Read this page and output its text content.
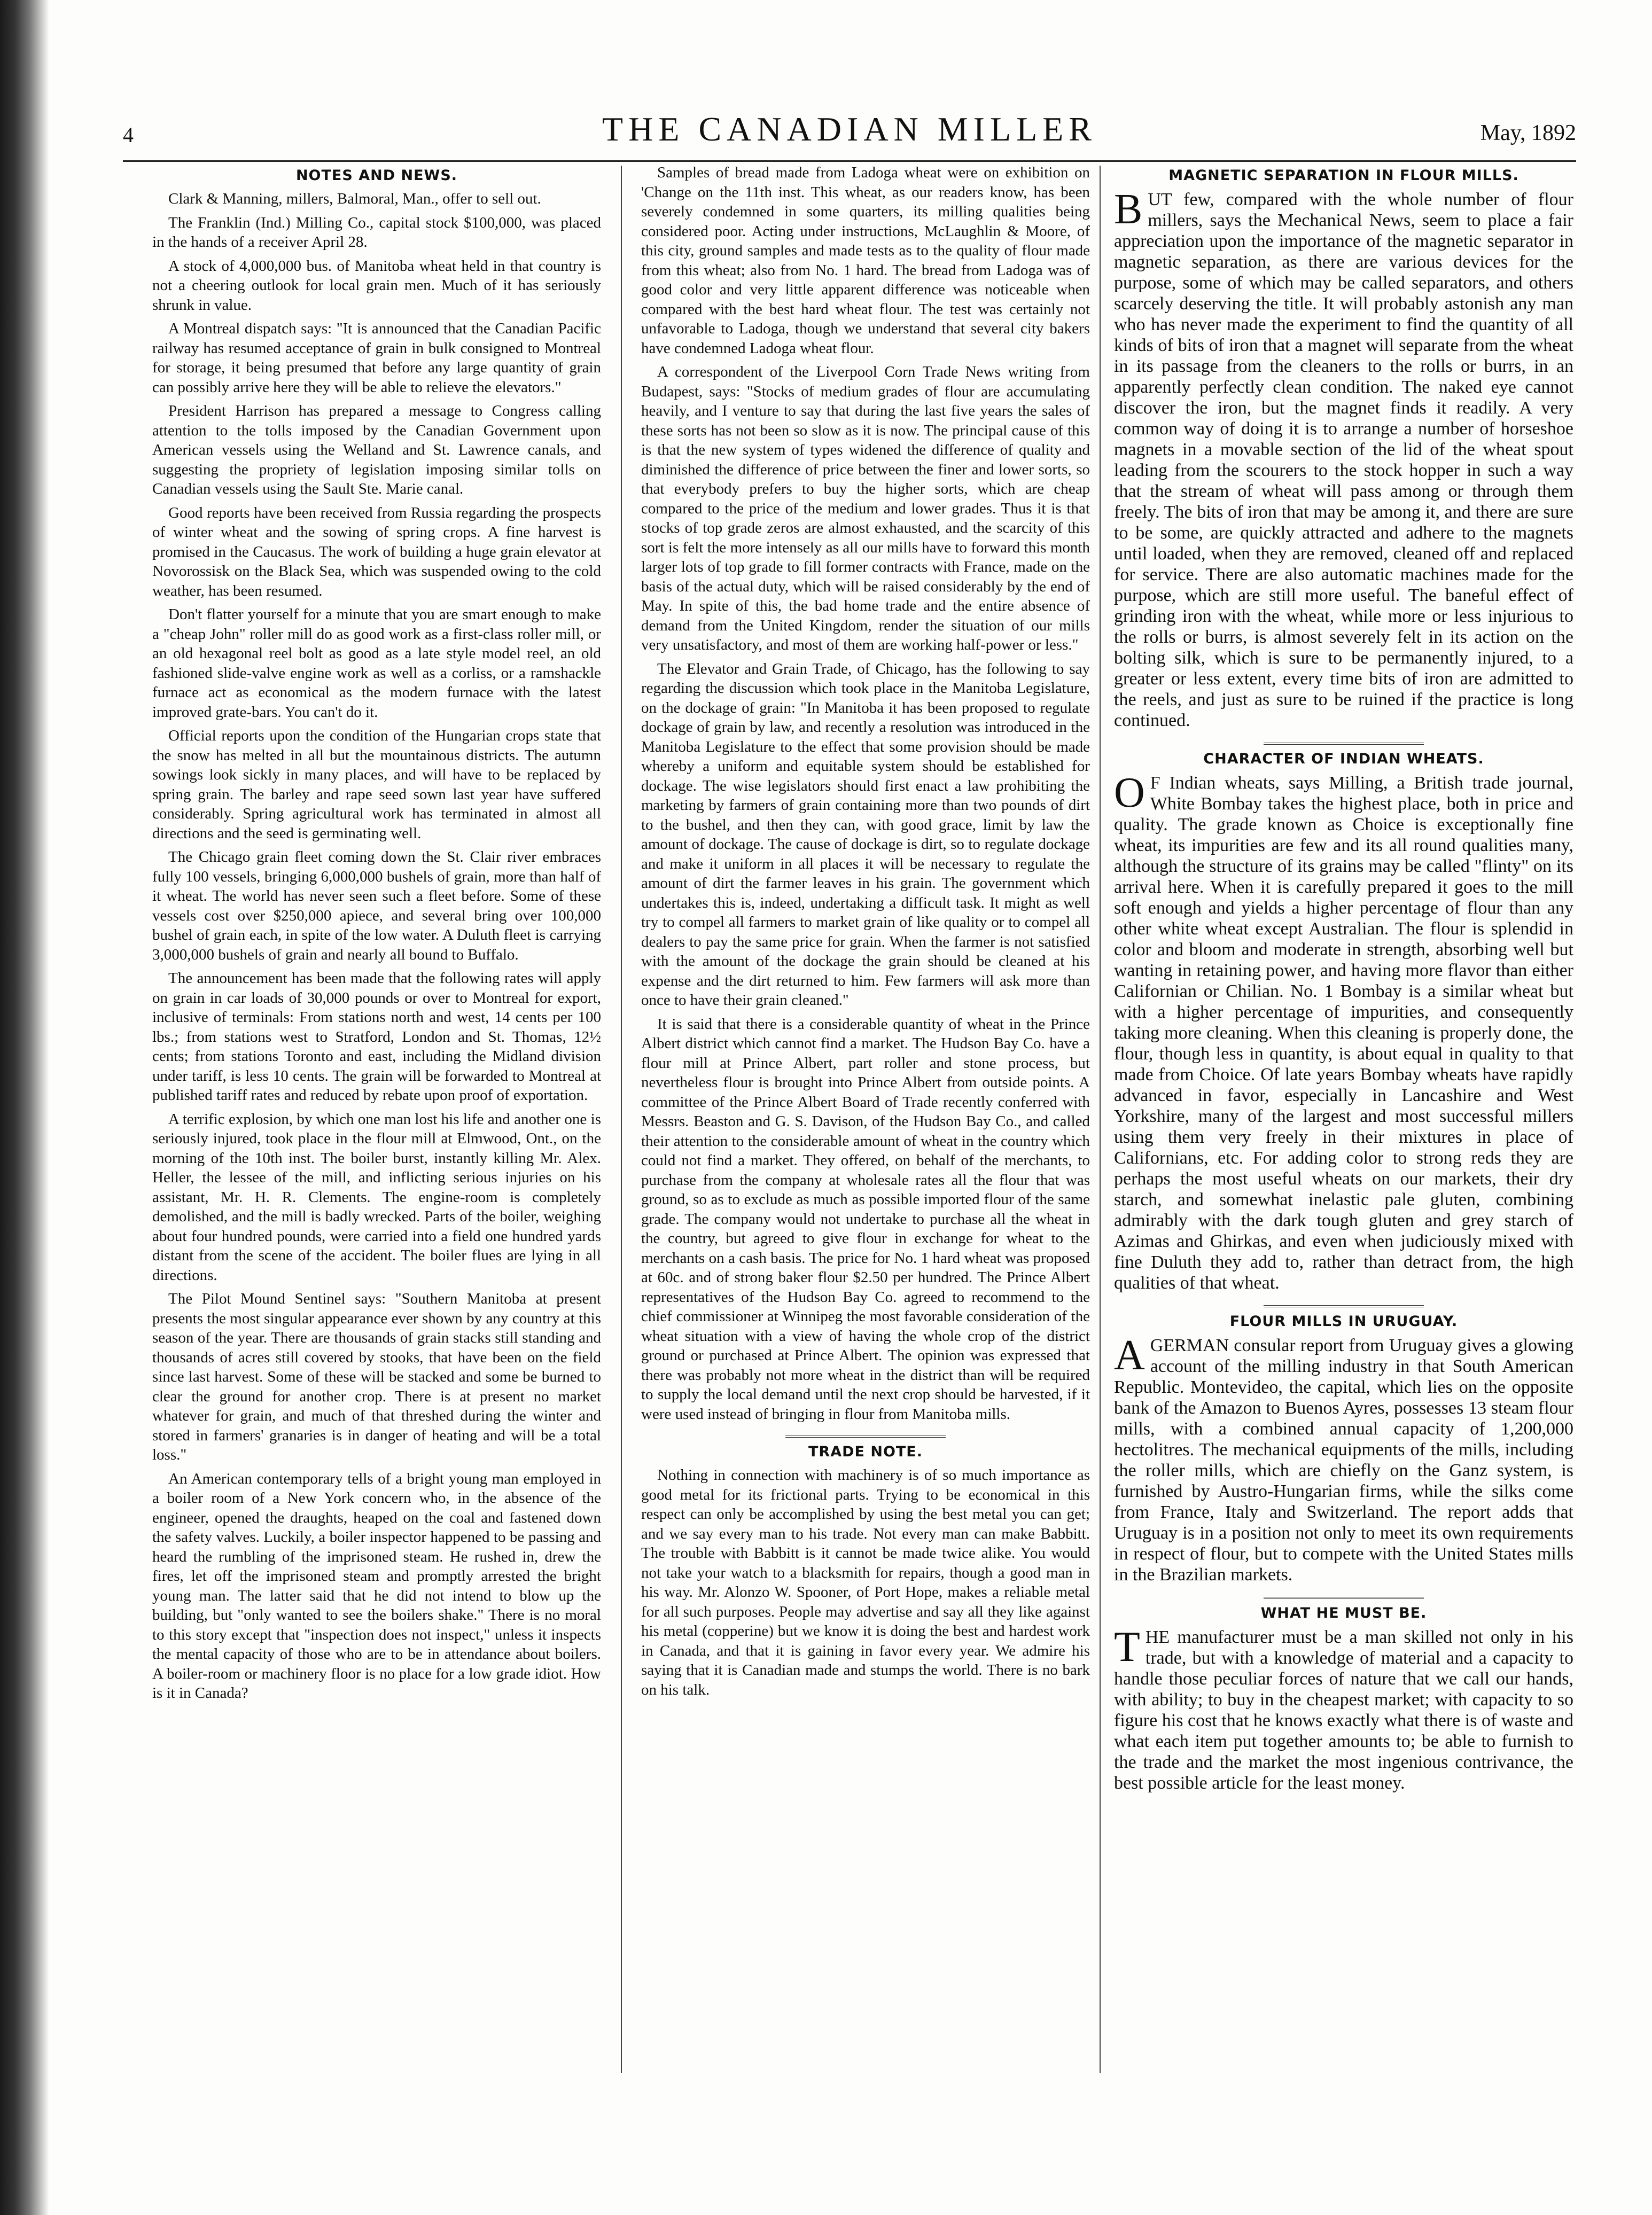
4	THE CANADIAN MILLER	May, 1892
NOTES AND NEWS.

Clark & Manning, millers, Balmoral, Man., offer to sell out.

The Franklin (Ind.) Milling Co., capital stock $100,000, was placed in the hands of a receiver April 28.

A stock of 4,000,000 bus. of Manitoba wheat held in that country is not a cheering outlook for local grain men. Much of it has seriously shrunk in value.

A Montreal dispatch says: "It is announced that the Canadian Pacific railway has resumed acceptance of grain in bulk consigned to Montreal for storage, it being presumed that before any large quantity of grain can possibly arrive here they will be able to relieve the elevators."

President Harrison has prepared a message to Congress calling attention to the tolls imposed by the Canadian Government upon American vessels using the Welland and St. Lawrence canals, and suggesting the propriety of legislation imposing similar tolls on Canadian vessels using the Sault Ste. Marie canal.

Good reports have been received from Russia regarding the prospects of winter wheat and the sowing of spring crops. A fine harvest is promised in the Caucasus. The work of building a huge grain elevator at Novorossisk on the Black Sea, which was suspended owing to the cold weather, has been resumed.

Don't flatter yourself for a minute that you are smart enough to make a "cheap John" roller mill do as good work as a first-class roller mill, or an old hexagonal reel bolt as good as a late style model reel, an old fashioned slide-valve engine work as well as a corliss, or a ramshackle furnace act as economical as the modern furnace with the latest improved grate-bars. You can't do it.

Official reports upon the condition of the Hungarian crops state that the snow has melted in all but the mountainous districts. The autumn sowings look sickly in many places, and will have to be replaced by spring grain. The barley and rape seed sown last year have suffered considerably. Spring agricultural work has terminated in almost all directions and the seed is germinating well.

The Chicago grain fleet coming down the St. Clair river embraces fully 100 vessels, bringing 6,000,000 bushels of grain, more than half of it wheat. The world has never seen such a fleet before. Some of these vessels cost over $250,000 apiece, and several bring over 100,000 bushel of grain each, in spite of the low water. A Duluth fleet is carrying 3,000,000 bushels of grain and nearly all bound to Buffalo.

The announcement has been made that the following rates will apply on grain in car loads of 30,000 pounds or over to Montreal for export, inclusive of terminals: From stations north and west, 14 cents per 100 lbs.; from stations west to Stratford, London and St. Thomas, 12½ cents; from stations Toronto and east, including the Midland division under tariff, is less 10 cents. The grain will be forwarded to Montreal at published tariff rates and reduced by rebate upon proof of exportation.

A terrific explosion, by which one man lost his life and another one is seriously injured, took place in the flour mill at Elmwood, Ont., on the morning of the 10th inst. The boiler burst, instantly killing Mr. Alex. Heller, the lessee of the mill, and inflicting serious injuries on his assistant, Mr. H. R. Clements. The engine-room is completely demolished, and the mill is badly wrecked. Parts of the boiler, weighing about four hundred pounds, were carried into a field one hundred yards distant from the scene of the accident. The boiler flues are lying in all directions.

The Pilot Mound Sentinel says: "Southern Manitoba at present presents the most singular appearance ever shown by any country at this season of the year. There are thousands of grain stacks still standing and thousands of acres still covered by stooks, that have been on the field since last harvest. Some of these will be stacked and some be burned to clear the ground for another crop. There is at present no market whatever for grain, and much of that threshed during the winter and stored in farmers' granaries is in danger of heating and will be a total loss."

An American contemporary tells of a bright young man employed in a boiler room of a New York concern who, in the absence of the engineer, opened the draughts, heaped on the coal and fastened down the safety valves. Luckily, a boiler inspector happened to be passing and heard the rumbling of the imprisoned steam. He rushed in, drew the fires, let off the imprisoned steam and promptly arrested the bright young man. The latter said that he did not intend to blow up the building, but "only wanted to see the boilers shake." There is no moral to this story except that "inspection does not inspect," unless it inspects the mental capacity of those who are to be in attendance about boilers. A boiler-room or machinery floor is no place for a low grade idiot. How is it in Canada?

Samples of bread made from Ladoga wheat were on exhibition on 'Change on the 11th inst. This wheat, as our readers know, has been severely condemned in some quarters, its milling qualities being considered poor. Acting under instructions, McLaughlin & Moore, of this city, ground samples and made tests as to the quality of flour made from this wheat; also from No. 1 hard. The bread from Ladoga was of good color and very little apparent difference was noticeable when compared with the best hard wheat flour. The test was certainly not unfavorable to Ladoga, though we understand that several city bakers have condemned Ladoga wheat flour.

A correspondent of the Liverpool Corn Trade News writing from Budapest, says: "Stocks of medium grades of flour are accumulating heavily, and I venture to say that during the last five years the sales of these sorts has not been so slow as it is now. The principal cause of this is that the new system of types widened the difference of quality and diminished the difference of price between the finer and lower sorts, so that everybody prefers to buy the higher sorts, which are cheap compared to the price of the medium and lower grades. Thus it is that stocks of top grade zeros are almost exhausted, and the scarcity of this sort is felt the more intensely as all our mills have to forward this month larger lots of top grade to fill former contracts with France, made on the basis of the actual duty, which will be raised considerably by the end of May. In spite of this, the bad home trade and the entire absence of demand from the United Kingdom, render the situation of our mills very unsatisfactory, and most of them are working half-power or less."

The Elevator and Grain Trade, of Chicago, has the following to say regarding the discussion which took place in the Manitoba Legislature, on the dockage of grain: "In Manitoba it has been proposed to regulate dockage of grain by law, and recently a resolution was introduced in the Manitoba Legislature to the effect that some provision should be made whereby a uniform and equitable system should be established for dockage. The wise legislators should first enact a law prohibiting the marketing by farmers of grain containing more than two pounds of dirt to the bushel, and then they can, with good grace, limit by law the amount of dockage. The cause of dockage is dirt, so to regulate dockage and make it uniform in all places it will be necessary to regulate the amount of dirt the farmer leaves in his grain. The government which undertakes this is, indeed, undertaking a difficult task. It might as well try to compel all farmers to market grain of like quality or to compel all dealers to pay the same price for grain. When the farmer is not satisfied with the amount of the dockage the grain should be cleaned at his expense and the dirt returned to him. Few farmers will ask more than once to have their grain cleaned."

It is said that there is a considerable quantity of wheat in the Prince Albert district which cannot find a market. The Hudson Bay Co. have a flour mill at Prince Albert, part roller and stone process, but nevertheless flour is brought into Prince Albert from outside points. A committee of the Prince Albert Board of Trade recently conferred with Messrs. Beaston and G. S. Davison, of the Hudson Bay Co., and called their attention to the considerable amount of wheat in the country which could not find a market. They offered, on behalf of the merchants, to purchase from the company at wholesale rates all the flour that was ground, so as to exclude as much as possible imported flour of the same grade. The company would not undertake to purchase all the wheat in the country, but agreed to give flour in exchange for wheat to the merchants on a cash basis. The price for No. 1 hard wheat was proposed at 60c. and of strong baker flour $2.50 per hundred. The Prince Albert representatives of the Hudson Bay Co. agreed to recommend to the chief commissioner at Winnipeg the most favorable consideration of the wheat situation with a view of having the whole crop of the district ground or purchased at Prince Albert. The opinion was expressed that there was probably not more wheat in the district than will be required to supply the local demand until the next crop should be harvested, if it were used instead of bringing in flour from Manitoba mills.

TRADE NOTE.

Nothing in connection with machinery is of so much importance as good metal for its frictional parts. Trying to be economical in this respect can only be accomplished by using the best metal you can get; and we say every man to his trade. Not every man can make Babbitt. The trouble with Babbitt is it cannot be made twice alike. You would not take your watch to a blacksmith for repairs, though a good man in his way. Mr. Alonzo W. Spooner, of Port Hope, makes a reliable metal for all such purposes. People may advertise and say all they like against his metal (copperine) but we know it is doing the best and hardest work in Canada, and that it is gaining in favor every year. We admire his saying that it is Canadian made and stumps the world. There is no bark on his talk.

MAGNETIC SEPARATION IN FLOUR MILLS.

BUT few, compared with the whole number of flour millers, says the Mechanical News, seem to place a fair appreciation upon the importance of the magnetic separator in magnetic separation, as there are various devices for the purpose, some of which may be called separators, and others scarcely deserving the title. It will probably astonish any man who has never made the experiment to find the quantity of all kinds of bits of iron that a magnet will separate from the wheat in its passage from the cleaners to the rolls or burrs, in an apparently perfectly clean condition. The naked eye cannot discover the iron, but the magnet finds it readily. A very common way of doing it is to arrange a number of horseshoe magnets in a movable section of the lid of the wheat spout leading from the scourers to the stock hopper in such a way that the stream of wheat will pass among or through them freely. The bits of iron that may be among it, and there are sure to be some, are quickly attracted and adhere to the magnets until loaded, when they are removed, cleaned off and replaced for service. There are also automatic machines made for the purpose, which are still more useful. The baneful effect of grinding iron with the wheat, while more or less injurious to the rolls or burrs, is almost severely felt in its action on the bolting silk, which is sure to be permanently injured, to a greater or less extent, every time bits of iron are admitted to the reels, and just as sure to be ruined if the practice is long continued.

CHARACTER OF INDIAN WHEATS.

O F Indian wheats, says Milling, a British trade journal, White Bombay takes the highest place, both in price and quality. The grade known as Choice is exceptionally fine wheat, its impurities are few and its all round qualities many, although the structure of its grains may be called "flinty" on its arrival here. When it is carefully prepared it goes to the mill soft enough and yields a higher percentage of flour than any other white wheat except Australian. The flour is splendid in color and bloom and moderate in strength, absorbing well but wanting in retaining power, and having more flavor than either Californian or Chilian. No. 1 Bombay is a similar wheat but with a higher percentage of impurities, and consequently taking more cleaning. When this cleaning is properly done, the flour, though less in quantity, is about equal in quality to that made from Choice. Of late years Bombay wheats have rapidly advanced in favor, especially in Lancashire and West Yorkshire, many of the largest and most successful millers using them very freely in their mixtures in place of Californians, etc. For adding color to strong reds they are perhaps the most useful wheats on our markets, their dry starch, and somewhat inelastic pale gluten, combining admirably with the dark tough gluten and grey starch of Azimas and Ghirkas, and even when judiciously mixed with fine Duluth they add to, rather than detract from, the high qualities of that wheat.

FLOUR MILLS IN URUGUAY.

AGERMAN consular report from Uruguay gives a glowing account of the milling industry in that South American Republic. Montevideo, the capital, which lies on the opposite bank of the Amazon to Buenos Ayres, possesses 13 steam flour mills, with a combined annual capacity of 1,200,000 hectolitres. The mechanical equipments of the mills, including the roller mills, which are chiefly on the Ganz system, is furnished by Austro-Hungarian firms, while the silks come from France, Italy and Switzerland. The report adds that Uruguay is in a position not only to meet its own requirements in respect of flour, but to compete with the United States mills in the Brazilian markets.

WHAT HE MUST BE.

THE manufacturer must be a man skilled not only in his trade, but with a knowledge of material and a capacity to handle those peculiar forces of nature that we call our hands, with ability; to buy in the cheapest market; with capacity to so figure his cost that he knows exactly what there is of waste and what each item put together amounts to; be able to furnish to the trade and the market the most ingenious contrivance, the best possible article for the least money.
